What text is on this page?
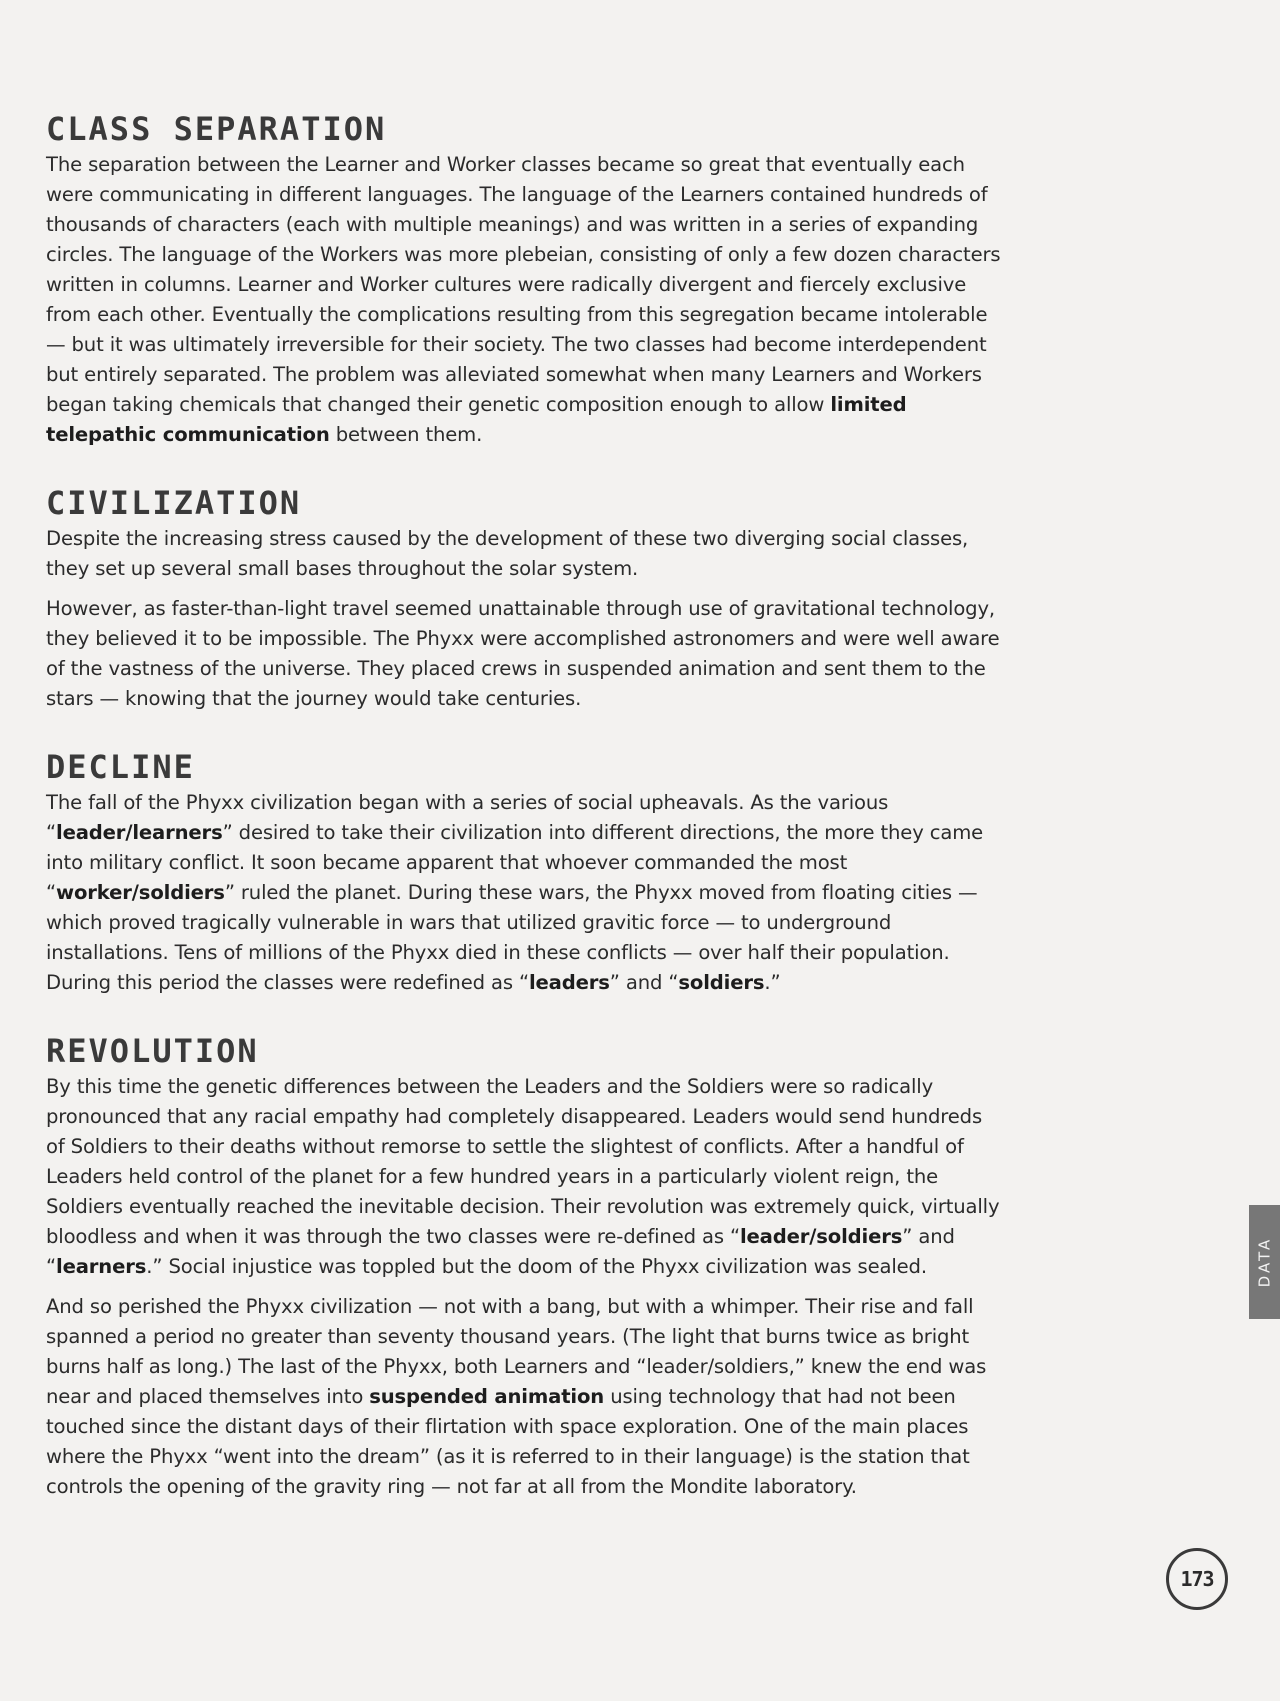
CLASS SEPARATION

The separation between the Learner and Worker classes became so great that eventually each were communicating in different languages. The language of the Learners contained hundreds of thousands of characters (each with multiple meanings) and was written in a series of expanding circles. The language of the Workers was more plebeian, consisting of only a few dozen characters written in columns. Learner and Worker cultures were radically divergent and fiercely exclusive from each other. Eventually the complications resulting from this segregation became intolerable — but it was ultimately irreversible for their society. The two classes had become interdependent but entirely separated. The problem was alleviated somewhat when many Learners and Workers began taking chemicals that changed their genetic composition enough to allow limited telepathic communication between them.

CIVILIZATION

Despite the increasing stress caused by the development of these two diverging social classes, they set up several small bases throughout the solar system.

However, as faster-than-light travel seemed unattainable through use of gravitational technology, they believed it to be impossible. The Phyxx were accomplished astronomers and were well aware of the vastness of the universe. They placed crews in suspended animation and sent them to the stars — knowing that the journey would take centuries.

DECLINE

The fall of the Phyxx civilization began with a series of social upheavals. As the various “leader/learners” desired to take their civilization into different directions, the more they came into military conflict. It soon became apparent that whoever commanded the most “worker/soldiers” ruled the planet. During these wars, the Phyxx moved from floating cities — which proved tragically vulnerable in wars that utilized gravitic force — to underground installations. Tens of millions of the Phyxx died in these conflicts — over half their population. During this period the classes were redefined as “leaders” and “soldiers.”

REVOLUTION

By this time the genetic differences between the Leaders and the Soldiers were so radically pronounced that any racial empathy had completely disappeared. Leaders would send hundreds of Soldiers to their deaths without remorse to settle the slightest of conflicts. After a handful of Leaders held control of the planet for a few hundred years in a particularly violent reign, the Soldiers eventually reached the inevitable decision. Their revolution was extremely quick, virtually bloodless and when it was through the two classes were re-defined as “leader/soldiers” and “learners.” Social injustice was toppled but the doom of the Phyxx civilization was sealed.

And so perished the Phyxx civilization — not with a bang, but with a whimper. Their rise and fall spanned a period no greater than seventy thousand years. (The light that burns twice as bright burns half as long.) The last of the Phyxx, both Learners and “leader/soldiers,” knew the end was near and placed themselves into suspended animation using technology that had not been touched since the distant days of their flirtation with space exploration. One of the main places where the Phyxx “went into the dream” (as it is referred to in their language) is the station that controls the opening of the gravity ring — not far at all from the Mondite laboratory.

DATA
173
